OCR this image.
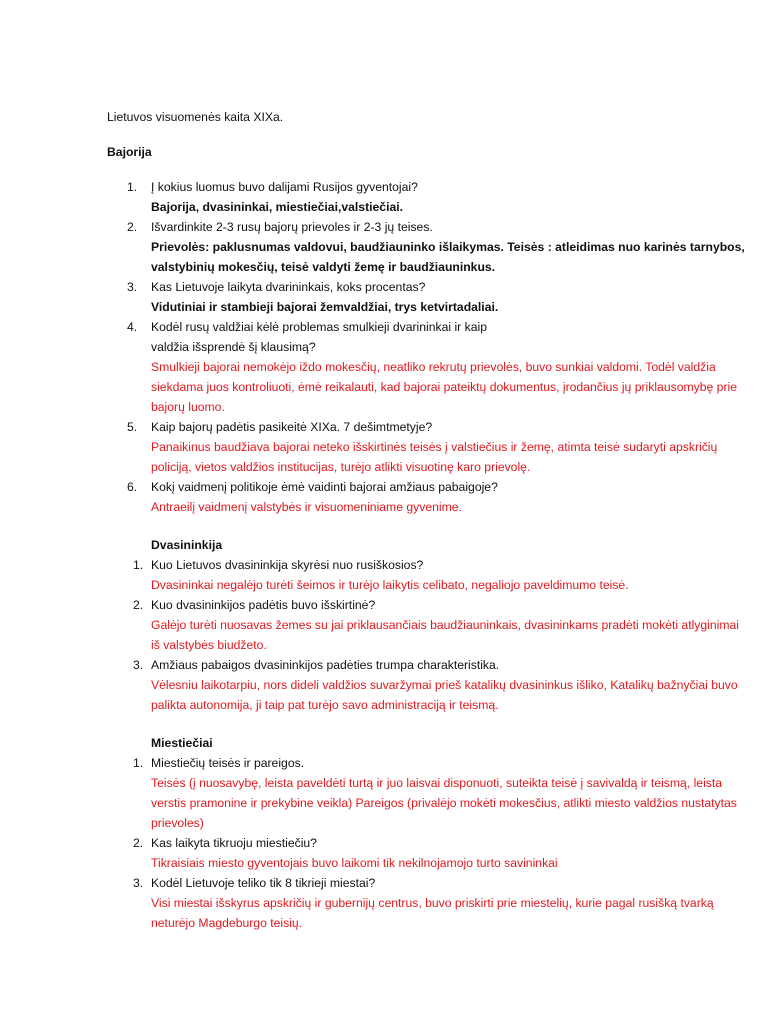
Lietuvos visuomenės kaita XIXa.

Bajorija

1. Į kokius luomus buvo dalijami Rusijos gyventojai?
Bajorija, dvasininkai, miestiečiai,valstiečiai.
2. Išvardinkite 2-3 rusų bajorų prievoles ir 2-3 jų teises.
Prievolės: paklusnumas valdovui, baudžiauninko išlaikymas. Teisės : atleidimas nuo karinės tarnybos, valstybinių mokesčių, teisė valdyti žemę ir baudžiauninkus.
3. Kas Lietuvoje laikyta dvarininkais, koks procentas?
Vidutiniai ir stambieji bajorai žemvaldžiai, trys ketvirtadaliai.
4. Kodėl rusų valdžiai kėlė problemas smulkieji dvarininkai ir kaip valdžia išsprendė šį klausimą?
Smulkieji bajorai nemokėjo iždo mokesčių, neatliko rekrutų prievolės, buvo sunkiai valdomi. Todėl valdžia siekdama juos kontroliuoti, ėmė reikalauti, kad bajorai pateiktų dokumentus, įrodančius jų priklausomybę prie bajorų luomo.
5. Kaip bajorų padėtis pasikeitė XIXa. 7 dešimtmetyje?
Panaikinus baudžiava bajorai neteko išskirtinės teisės į valstiečius ir žemę, atimta teisė sudaryti apskričių policiją, vietos valdžios institucijas, turėjo atlikti visuotinę karo prievolę.
6. Kokį vaidmenį politikoje ėmė vaidinti bajorai amžiaus pabaigoje?
Antraeilį vaidmenį valstybės ir visuomeniniame gyvenime.

Dvasininkija

1. Kuo Lietuvos dvasininkija skyrėsi nuo rusiškosios?
Dvasininkai negalėjo turėti šeimos ir turėjo laikytis celibato, negaliojo paveldimumo teisė.
2. Kuo dvasininkijos padėtis buvo išskirtinė?
Galėjo turėti nuosavas žemes su jai priklausančiais baudžiauninkais, dvasininkams pradėti mokėti atlyginimai iš valstybės biudžeto.
3. Amžiaus pabaigos dvasininkijos padėties trumpa charakteristika.
Vėlesniu laikotarpiu, nors dideli valdžios suvaržymai prieš katalikų dvasininkus išliko, Katalikų bažnyčiai buvo palikta autonomija, ji taip pat turėjo savo administraciją ir teismą.

Miestiečiai

1. Miestiečių teisės ir pareigos.
Teisės (į nuosavybę, leista paveldėti turtą ir juo laisvai disponuoti, suteikta teisė į savivaldą ir teismą, leista verstis pramonine ir prekybine veikla) Pareigos (privalėjo mokėti mokesčius, atlikti miesto valdžios nustatytas prievoles)
2. Kas laikyta tikruoju miestiečiu?
Tikraisiais miesto gyventojais buvo laikomi tik nekilnojamojo turto savininkai
3. Kodėl Lietuvoje teliko tik 8 tikrieji miestai?
Visi miestai išskyrus apskričių ir gubernijų centrus, buvo priskirti prie miestelių, kurie pagal rusišką tvarką neturėjo Magdeburgo teisių.
